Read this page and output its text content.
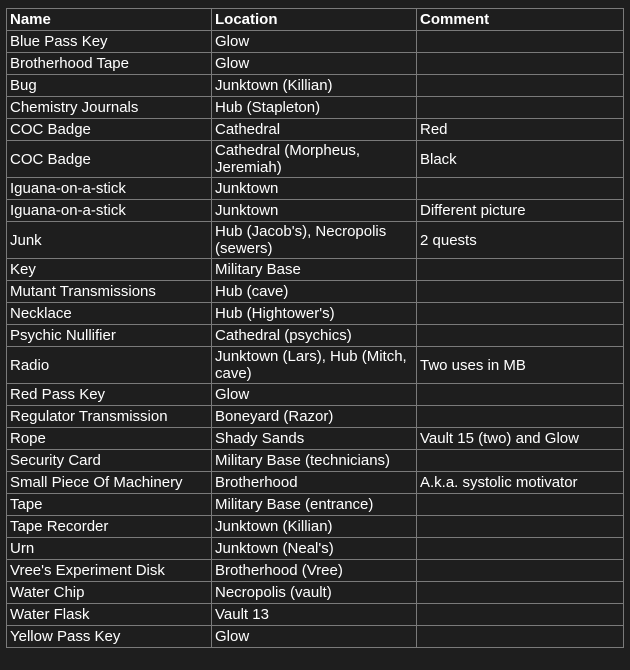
Name	Location	Comment
Blue Pass Key	Glow	
Brotherhood Tape	Glow	
Bug	Junktown (Killian)	
Chemistry Journals	Hub (Stapleton)	
COC Badge	Cathedral	Red
COC Badge	Cathedral (Morpheus, Jeremiah)	Black
Iguana-on-a-stick	Junktown	
Iguana-on-a-stick	Junktown	Different picture
Junk	Hub (Jacob's), Necropolis (sewers)	2 quests
Key	Military Base	
Mutant Transmissions	Hub (cave)	
Necklace	Hub (Hightower's)	
Psychic Nullifier	Cathedral (psychics)	
Radio	Junktown (Lars), Hub (Mitch, cave)	Two uses in MB
Red Pass Key	Glow	
Regulator Transmission	Boneyard (Razor)	
Rope	Shady Sands	Vault 15 (two) and Glow
Security Card	Military Base (technicians)	
Small Piece Of Machinery	Brotherhood	A.k.a. systolic motivator
Tape	Military Base (entrance)	
Tape Recorder	Junktown (Killian)	
Urn	Junktown (Neal's)	
Vree's Experiment Disk	Brotherhood (Vree)	
Water Chip	Necropolis (vault)	
Water Flask	Vault 13	
Yellow Pass Key	Glow	
